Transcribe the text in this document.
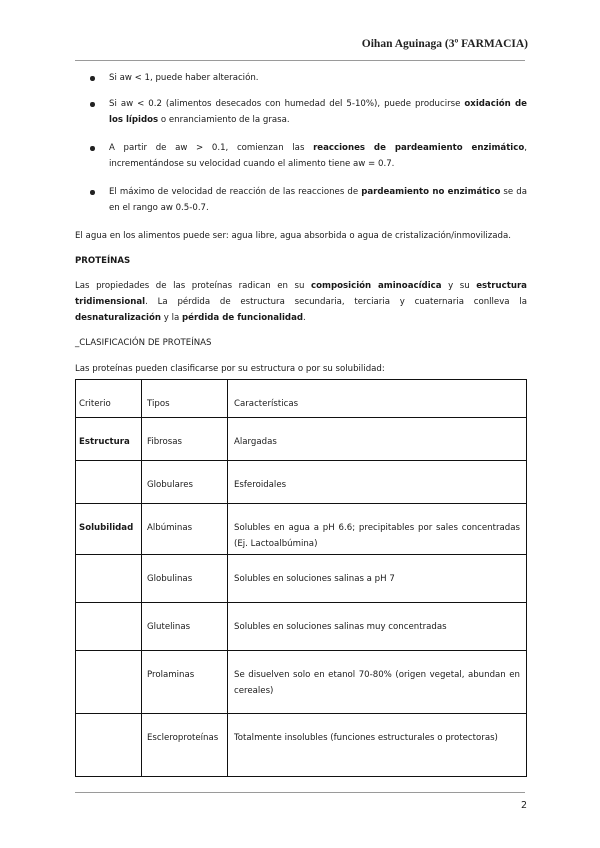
Oihan Aguinaga (3º FARMACIA)
Si aw < 1, puede haber alteración.
Si aw < 0.2 (alimentos desecados con humedad del 5-10%), puede producirse oxidación de los lípidos o enranciamiento de la grasa.
A partir de aw > 0.1, comienzan las reacciones de pardeamiento enzimático, incrementándose su velocidad cuando el alimento tiene aw = 0.7.
El máximo de velocidad de reacción de las reacciones de pardeamiento no enzimático se da en el rango aw 0.5-0.7.

El agua en los alimentos puede ser: agua libre, agua absorbida o agua de cristalización/inmovilizada.

PROTEÍNAS

Las propiedades de las proteínas radican en su composición aminoacídica y su estructura tridimensional. La pérdida de estructura secundaria, terciaria y cuaternaria conlleva la desnaturalización y la pérdida de funcionalidad.

_CLASIFICACIÓN DE PROTEÍNAS

Las proteínas pueden clasificarse por su estructura o por su solubilidad:

Criterio	Tipos	Características

Estructura	Fibrosas	Alargadas

	Globulares	Esferoidales

Solubilidad	Albúminas	Solubles en agua a pH 6.6; precipitables por sales concentradas (Ej. Lactoalbúmina)

	Globulinas	Solubles en soluciones salinas a pH 7

	Glutelinas	Solubles en soluciones salinas muy concentradas

	Prolaminas	Se disuelven solo en etanol 70-80% (origen vegetal, abundan en cereales)

	Escleroproteínas	Totalmente insolubles (funciones estructurales o protectoras)
2
